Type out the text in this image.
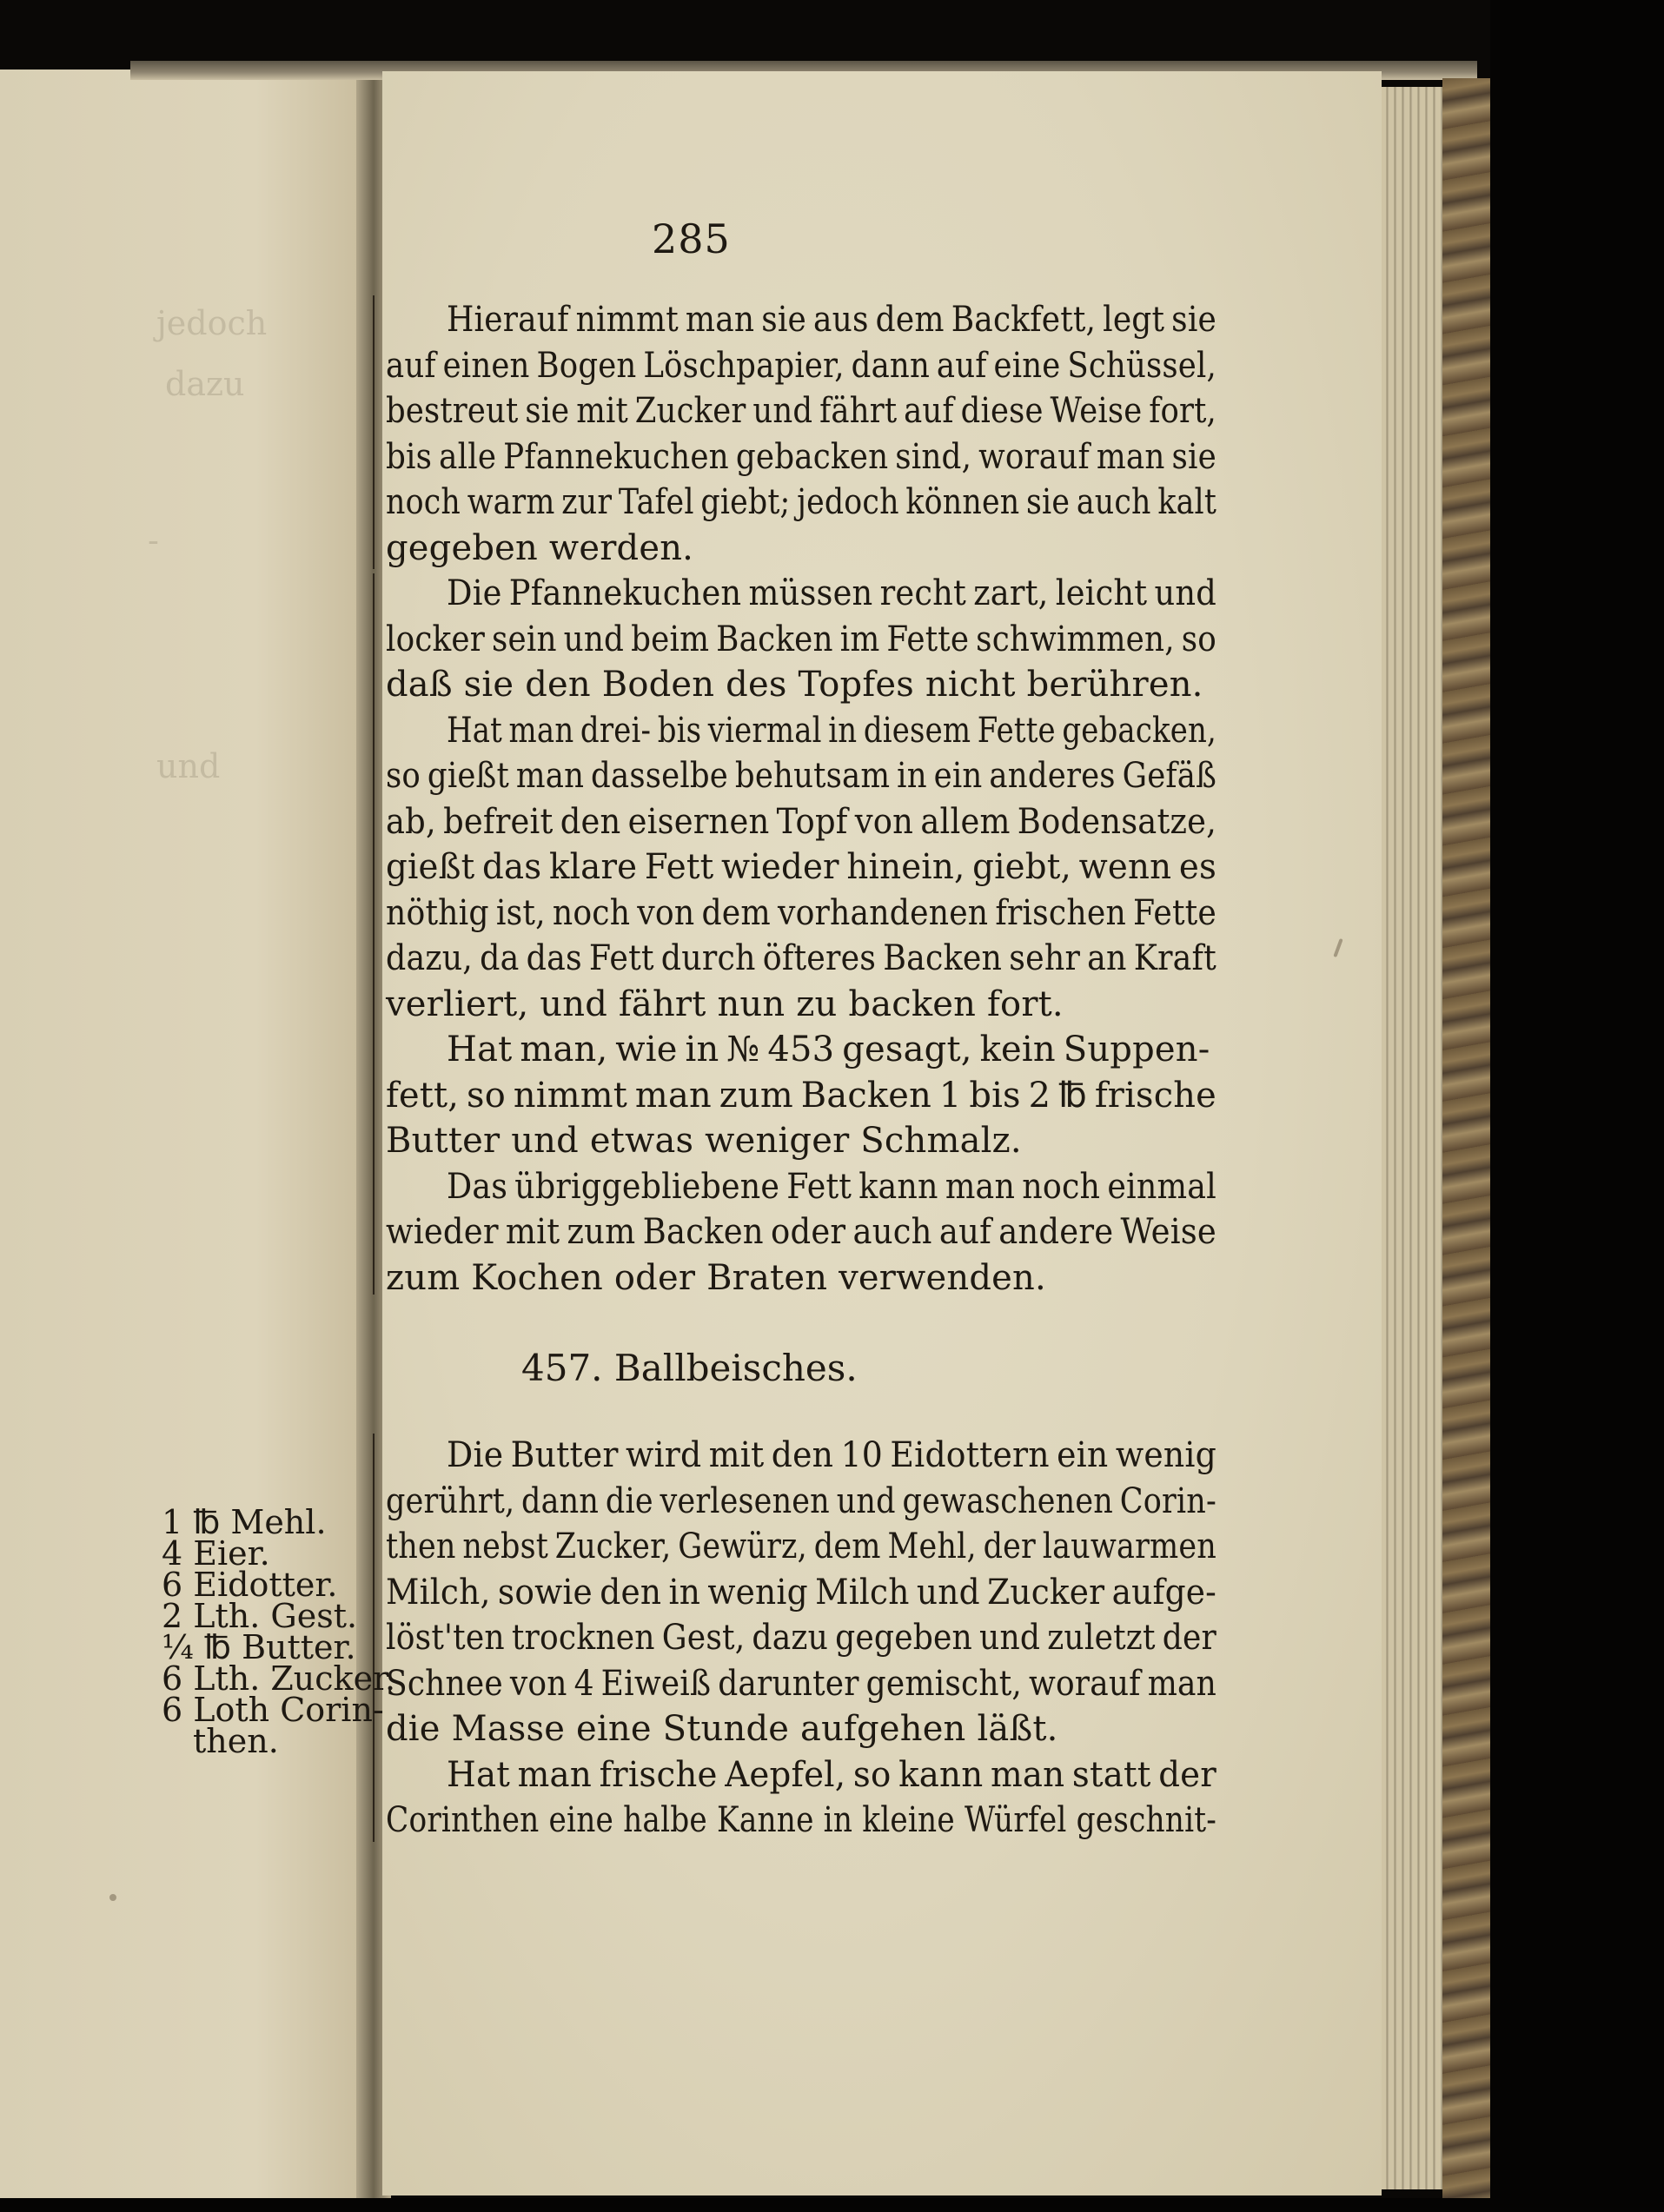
jedoch
dazu
-
und
285
Hierauf nimmt man sie aus dem Backfett, legt sie
auf einen Bogen Löschpapier, dann auf eine Schüssel,
bestreut sie mit Zucker und fährt auf diese Weise fort,
bis alle Pfannekuchen gebacken sind, worauf man sie
noch warm zur Tafel giebt; jedoch können sie auch kalt
gegeben werden.
Die Pfannekuchen müssen recht zart, leicht und
locker sein und beim Backen im Fette schwimmen, so
daß sie den Boden des Topfes nicht berühren.
Hat man drei- bis viermal in diesem Fette gebacken,
so gießt man dasselbe behutsam in ein anderes Gefäß
ab, befreit den eisernen Topf von allem Bodensatze,
gießt das klare Fett wieder hinein, giebt, wenn es
nöthig ist, noch von dem vorhandenen frischen Fette
dazu, da das Fett durch öfteres Backen sehr an Kraft
verliert, und fährt nun zu backen fort.
Hat man, wie in № 453 gesagt, kein Suppen-
fett, so nimmt man zum Backen 1 bis 2 ℔ frische
Butter und etwas weniger Schmalz.
Das übriggebliebene Fett kann man noch einmal
wieder mit zum Backen oder auch auf andere Weise
zum Kochen oder Braten verwenden.
457. Ballbeisches.
1 ℔ Mehl.
4 Eier.
6 Eidotter.
2 Lth. Gest.
¼ ℔ Butter.
6 Lth. Zucker.
6 Loth Corin-
then.
Die Butter wird mit den 10 Eidottern ein wenig
gerührt, dann die verlesenen und gewaschenen Corin-
then nebst Zucker, Gewürz, dem Mehl, der lauwarmen
Milch, sowie den in wenig Milch und Zucker aufge-
löst'ten trocknen Gest, dazu gegeben und zuletzt der
Schnee von 4 Eiweiß darunter gemischt, worauf man
die Masse eine Stunde aufgehen läßt.
Hat man frische Aepfel, so kann man statt der
Corinthen eine halbe Kanne in kleine Würfel geschnit-
